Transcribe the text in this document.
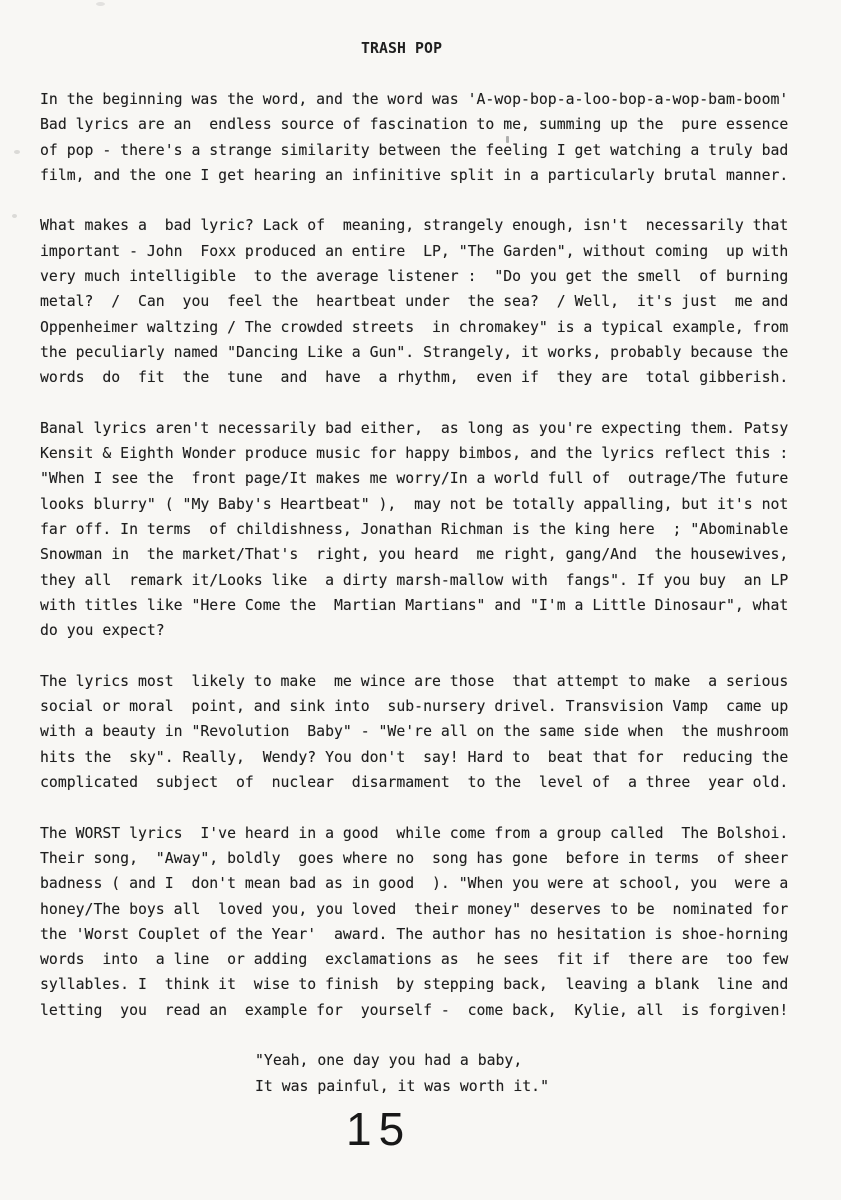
TRASH POP
In the beginning was the word, and the word was 'A-wop-bop-a-loo-bop-a-wop-bam-boom'
Bad lyrics are an  endless source of fascination to me, summing up the  pure essence
of pop - there's a strange similarity between the feeling I get watching a truly bad
film, and the one I get hearing an infinitive split in a particularly brutal manner.
What makes a  bad lyric? Lack of  meaning, strangely enough, isn't  necessarily that
important - John  Foxx produced an entire  LP, "The Garden", without coming  up with
very much intelligible  to the average listener :  "Do you get the smell  of burning
metal?  /  Can  you  feel the  heartbeat under  the sea?  / Well,  it's just  me and
Oppenheimer waltzing / The crowded streets  in chromakey" is a typical example, from
the peculiarly named "Dancing Like a Gun". Strangely, it works, probably because the
words  do  fit  the  tune  and  have  a rhythm,  even if  they are  total gibberish.
Banal lyrics aren't necessarily bad either,  as long as you're expecting them. Patsy
Kensit & Eighth Wonder produce music for happy bimbos, and the lyrics reflect this :
"When I see the  front page/It makes me worry/In a world full of  outrage/The future
looks blurry" ( "My Baby's Heartbeat" ),  may not be totally appalling, but it's not
far off. In terms  of childishness, Jonathan Richman is the king here  ; "Abominable
Snowman in  the market/That's  right, you heard  me right, gang/And  the housewives,
they all  remark it/Looks like  a dirty marsh-mallow with  fangs". If you buy  an LP
with titles like "Here Come the  Martian Martians" and "I'm a Little Dinosaur", what
do you expect?
The lyrics most  likely to make  me wince are those  that attempt to make  a serious
social or moral  point, and sink into  sub-nursery drivel. Transvision Vamp  came up
with a beauty in "Revolution  Baby" - "We're all on the same side when  the mushroom
hits the  sky". Really,  Wendy? You don't  say! Hard to  beat that for  reducing the
complicated  subject  of  nuclear  disarmament  to the  level of  a three  year old.
The WORST lyrics  I've heard in a good  while come from a group called  The Bolshoi.
Their song,  "Away", boldly  goes where no  song has gone  before in terms  of sheer
badness ( and I  don't mean bad as in good  ). "When you were at school, you  were a
honey/The boys all  loved you, you loved  their money" deserves to be  nominated for
the 'Worst Couplet of the Year'  award. The author has no hesitation is shoe-horning
words  into  a line  or adding  exclamations as  he sees  fit if  there are  too few
syllables. I  think it  wise to finish  by stepping back,  leaving a blank  line and
letting  you  read an  example for  yourself -  come back,  Kylie, all  is forgiven!
"Yeah, one day you had a baby,
It was painful, it was worth it."
15
